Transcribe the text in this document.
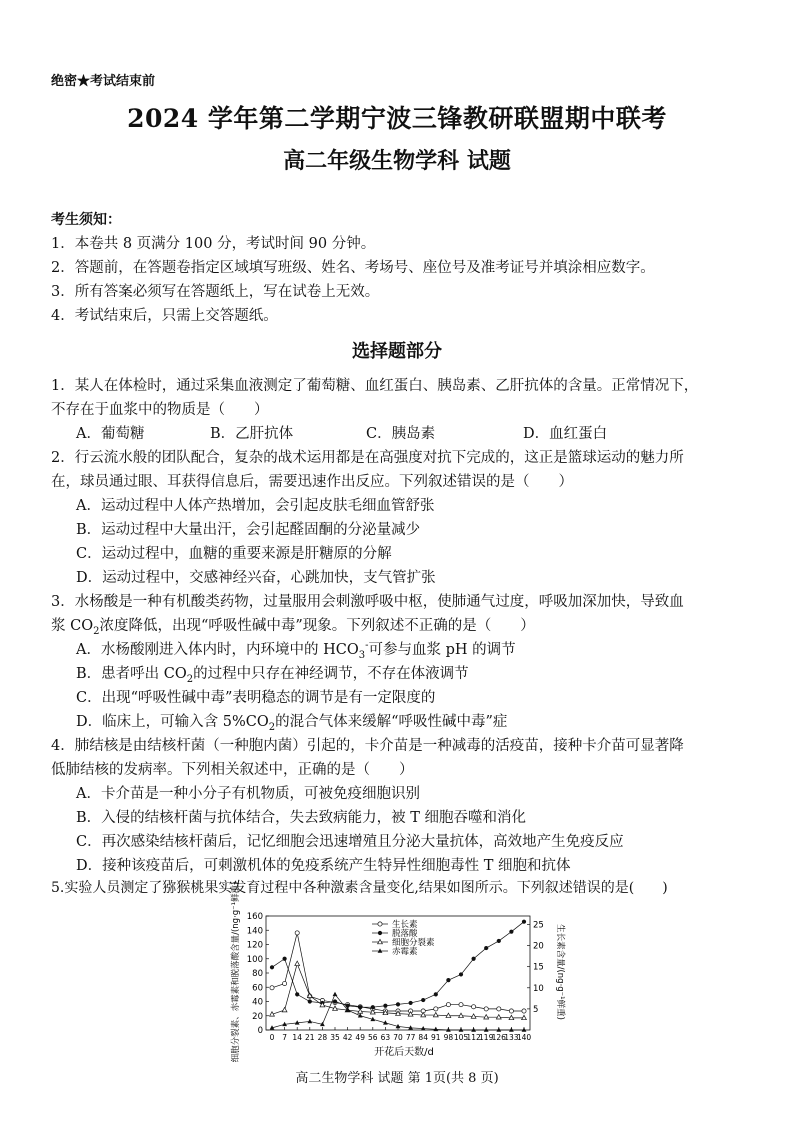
绝密★考试结束前
2024 学年第二学期宁波三锋教研联盟期中联考
高二年级生物学科 试题
考生须知：
1．本卷共 8 页满分 100 分，考试时间 90 分钟。
2．答题前，在答题卷指定区域填写班级、姓名、考场号、座位号及准考证号并填涂相应数字。
3．所有答案必须写在答题纸上，写在试卷上无效。
4．考试结束后，只需上交答题纸。
选择题部分
1．某人在体检时，通过采集血液测定了葡萄糖、血红蛋白、胰岛素、乙肝抗体的含量。正常情况下，
不存在于血浆中的物质是（　　）
A．葡萄糖	B．乙肝抗体	C．胰岛素	D．血红蛋白
2．行云流水般的团队配合，复杂的战术运用都是在高强度对抗下完成的，这正是篮球运动的魅力所
在，球员通过眼、耳获得信息后，需要迅速作出反应。下列叙述错误的是（　　）
A．运动过程中人体产热增加，会引起皮肤毛细血管舒张
B．运动过程中大量出汗，会引起醛固酮的分泌量减少
C．运动过程中，血糖的重要来源是肝糖原的分解
D．运动过程中，交感神经兴奋，心跳加快，支气管扩张
3．水杨酸是一种有机酸类药物，过量服用会刺激呼吸中枢，使肺通气过度，呼吸加深加快，导致血
浆 $CO_2$浓度降低，出现“呼吸性碱中毒”现象。下列叙述不正确的是（　　）
A．水杨酸刚进入体内时，内环境中的 $HCO_3^-$可参与血浆 pH 的调节
B．患者呼出 $CO_2$的过程中只存在神经调节，不存在体液调节
C．出现“呼吸性碱中毒”表明稳态的调节是有一定限度的
D．临床上，可输入含 $5\%CO_2$的混合气体来缓解“呼吸性碱中毒”症
4．肺结核是由结核杆菌（一种胞内菌）引起的，卡介苗是一种减毒的活疫苗，接种卡介苗可显著降
低肺结核的发病率。下列相关叙述中，正确的是（　　）
A．卡介苗是一种小分子有机物质，可被免疫细胞识别
B．入侵的结核杆菌与抗体结合，失去致病能力，被 T 细胞吞噬和消化
C．再次感染结核杆菌后，记忆细胞会迅速增殖且分泌大量抗体，高效地产生免疫反应
D．接种该疫苗后，可刺激机体的免疫系统产生特异性细胞毒性 T 细胞和抗体
5.实验人员测定了猕猴桃果实发育过程中各种激素含量变化,结果如图所示。下列叙述错误的是(　　)
0
20
40
60
80
100
120
140
160
5
10
15
20
25
0 7 14 21 28 35 42 49 56 63 70 77 84 91 98 105
112
119
126
133
140
生长素
脱落酸
细胞分裂素
赤霉素
开花后天数/d
细胞分裂素、赤霉素和脱落酸含量/(ng·g⁻¹鲜重)	生长素含量/(ng·g⁻¹鲜重)
高二生物学科 试题 第 1页(共 8 页)
